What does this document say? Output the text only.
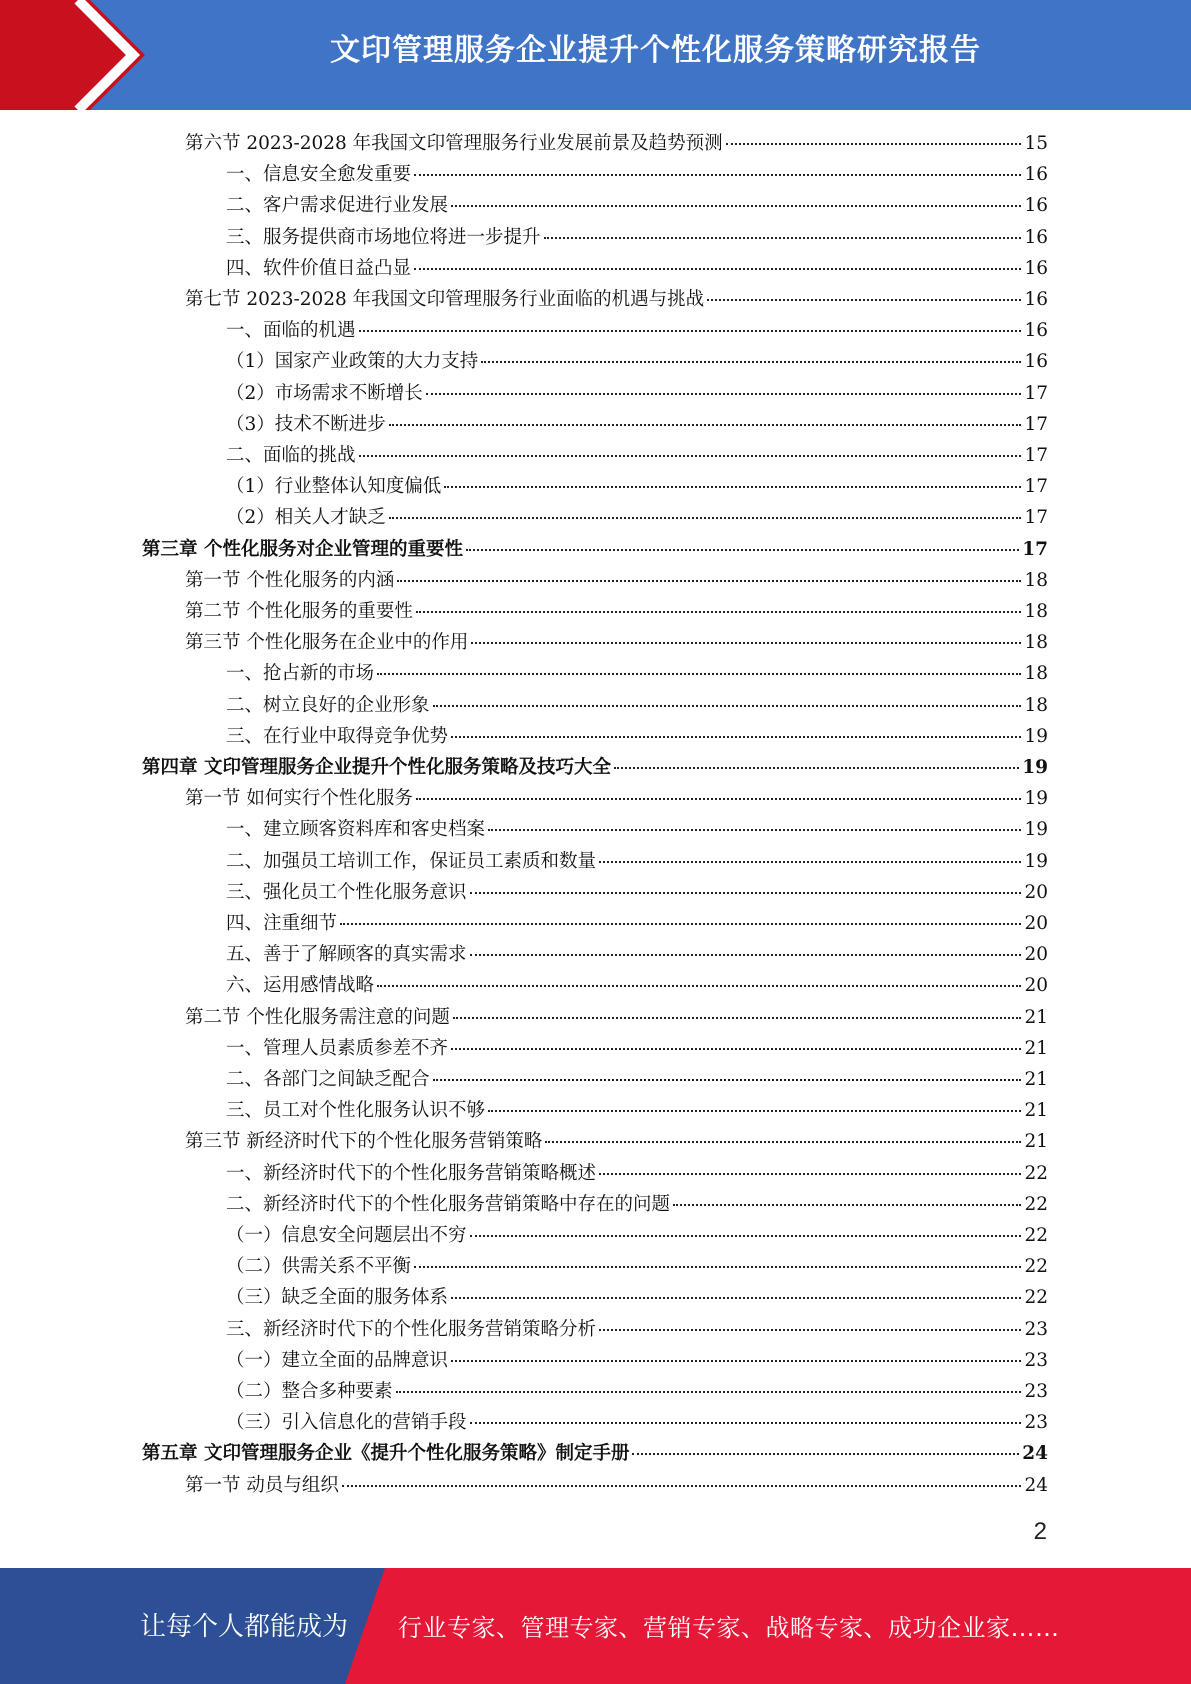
文印管理服务企业提升个性化服务策略研究报告
第六节 2023-2028 年我国文印管理服务行业发展前景及趋势预测	15
一、信息安全愈发重要	16
二、客户需求促进行业发展	16
三、服务提供商市场地位将进一步提升	16
四、软件价值日益凸显	16
第七节 2023-2028 年我国文印管理服务行业面临的机遇与挑战	16
一、面临的机遇	16
（1）国家产业政策的大力支持	16
（2）市场需求不断增长	17
（3）技术不断进步	17
二、面临的挑战	17
（1）行业整体认知度偏低	17
（2）相关人才缺乏	17
第三章 个性化服务对企业管理的重要性	17
第一节 个性化服务的内涵	18
第二节 个性化服务的重要性	18
第三节 个性化服务在企业中的作用	18
一、抢占新的市场	18
二、树立良好的企业形象	18
三、在行业中取得竞争优势	19
第四章 文印管理服务企业提升个性化服务策略及技巧大全	19
第一节 如何实行个性化服务	19
一、建立顾客资料库和客史档案	19
二、加强员工培训工作，保证员工素质和数量	19
三、强化员工个性化服务意识	20
四、注重细节	20
五、善于了解顾客的真实需求	20
六、运用感情战略	20
第二节 个性化服务需注意的问题	21
一、管理人员素质参差不齐	21
二、各部门之间缺乏配合	21
三、员工对个性化服务认识不够	21
第三节 新经济时代下的个性化服务营销策略	21
一、新经济时代下的个性化服务营销策略概述	22
二、新经济时代下的个性化服务营销策略中存在的问题	22
（一）信息安全问题层出不穷	22
（二）供需关系不平衡	22
（三）缺乏全面的服务体系	22
三、新经济时代下的个性化服务营销策略分析	23
（一）建立全面的品牌意识	23
（二）整合多种要素	23
（三）引入信息化的营销手段	23
第五章 文印管理服务企业《提升个性化服务策略》制定手册	24
第一节 动员与组织	24
2
让每个人都能成为 行业专家、管理专家、营销专家、战略专家、成功企业家……
